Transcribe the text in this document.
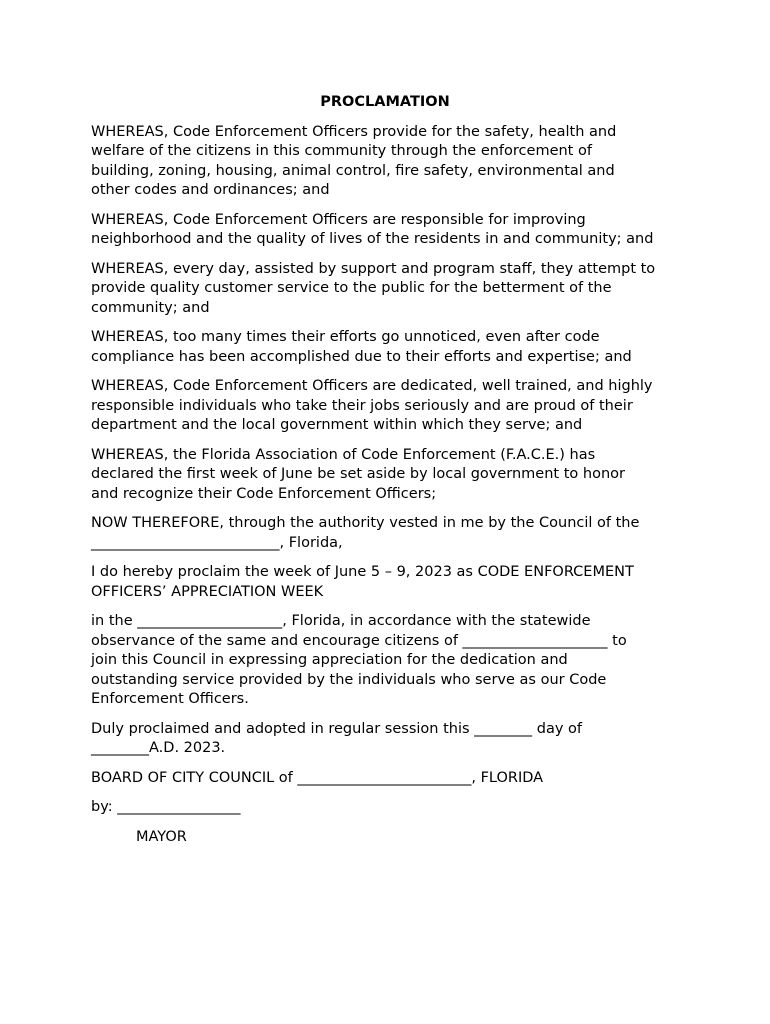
PROCLAMATION

WHEREAS, Code Enforcement Officers provide for the safety, health and
welfare of the citizens in this community through the enforcement of
building, zoning, housing, animal control, fire safety, environmental and
other codes and ordinances; and

WHEREAS, Code Enforcement Officers are responsible for improving
neighborhood and the quality of lives of the residents in and community; and

WHEREAS, every day, assisted by support and program staff, they attempt to
provide quality customer service to the public for the betterment of the
community; and

WHEREAS, too many times their efforts go unnoticed, even after code
compliance has been accomplished due to their efforts and expertise; and

WHEREAS, Code Enforcement Officers are dedicated, well trained, and highly
responsible individuals who take their jobs seriously and are proud of their
department and the local government within which they serve; and

WHEREAS, the Florida Association of Code Enforcement (F.A.C.E.) has
declared the first week of June be set aside by local government to honor
and recognize their Code Enforcement Officers;

NOW THEREFORE, through the authority vested in me by the Council of the
__________________________, Florida,

I do hereby proclaim the week of June 5 – 9, 2023 as CODE ENFORCEMENT
OFFICERS’ APPRECIATION WEEK

in the ____________________, Florida, in accordance with the statewide
observance of the same and encourage citizens of ____________________ to
join this Council in expressing appreciation for the dedication and
outstanding service provided by the individuals who serve as our Code
Enforcement Officers.

Duly proclaimed and adopted in regular session this ________ day of
________A.D. 2023.

BOARD OF CITY COUNCIL of ________________________, FLORIDA

by: _________________

MAYOR
